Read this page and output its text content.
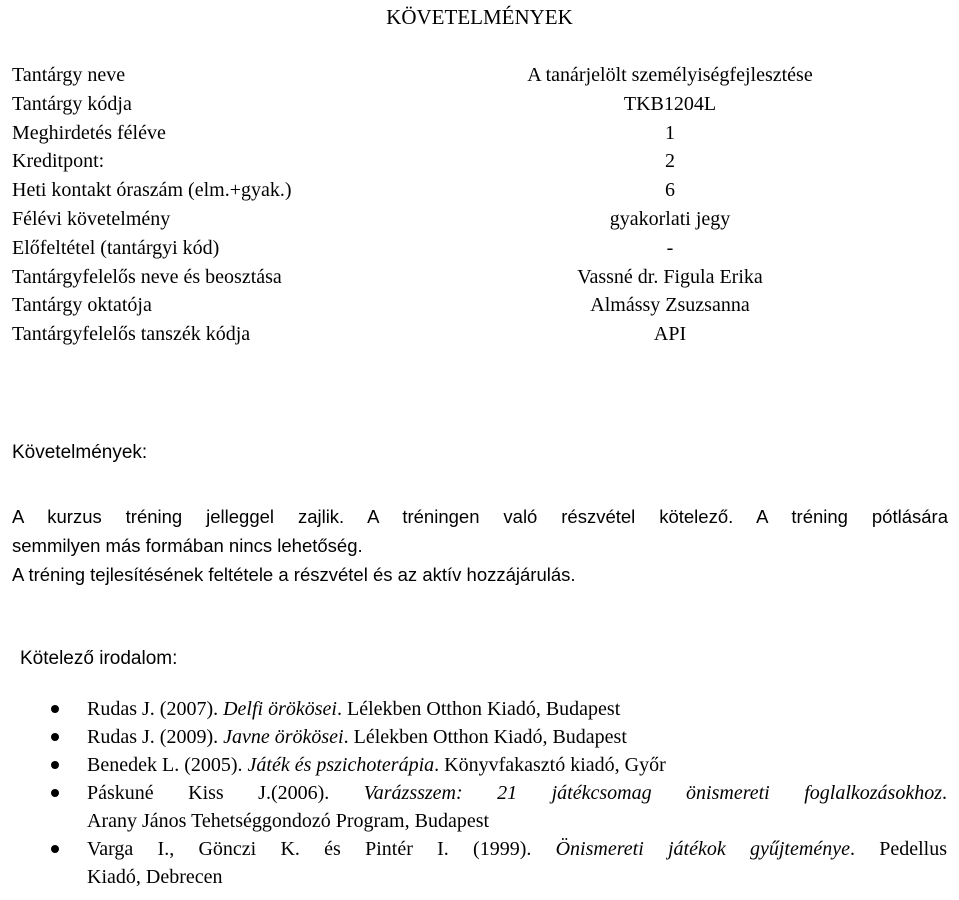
KÖVETELMÉNYEK
Tantárgy neve	A tanárjelölt személyiségfejlesztése
Tantárgy kódja	TKB1204L
Meghirdetés féléve	1
Kreditpont:	2
Heti kontakt óraszám (elm.+gyak.)	6
Félévi követelmény	gyakorlati jegy
Előfeltétel (tantárgyi kód)	-
Tantárgyfelelős neve és beosztása	Vassné dr. Figula Erika
Tantárgy oktatója	Almássy Zsuzsanna
Tantárgyfelelős tanszék kódja	API
Követelmények:
A kurzus tréning jelleggel zajlik. A tréningen való részvétel kötelező. A tréning pótlására
semmilyen más formában nincs lehetőség.
A tréning tejlesítésének feltétele a részvétel és az aktív hozzájárulás.
Kötelező irodalom:
Rudas J. (2007). Delfi örökösei. Lélekben Otthon Kiadó, Budapest
Rudas J. (2009). Javne örökösei. Lélekben Otthon Kiadó, Budapest
Benedek L. (2005). Játék és pszichoterápia. Könyvfakasztó kiadó, Győr
Páskuné Kiss J.(2006). Varázsszem: 21 játékcsomag önismereti foglalkozásokhoz.
Arany János Tehetséggondozó Program, Budapest
Varga I., Gönczi K. és Pintér I. (1999). Önismereti játékok gyűjteménye. Pedellus
Kiadó, Debrecen
